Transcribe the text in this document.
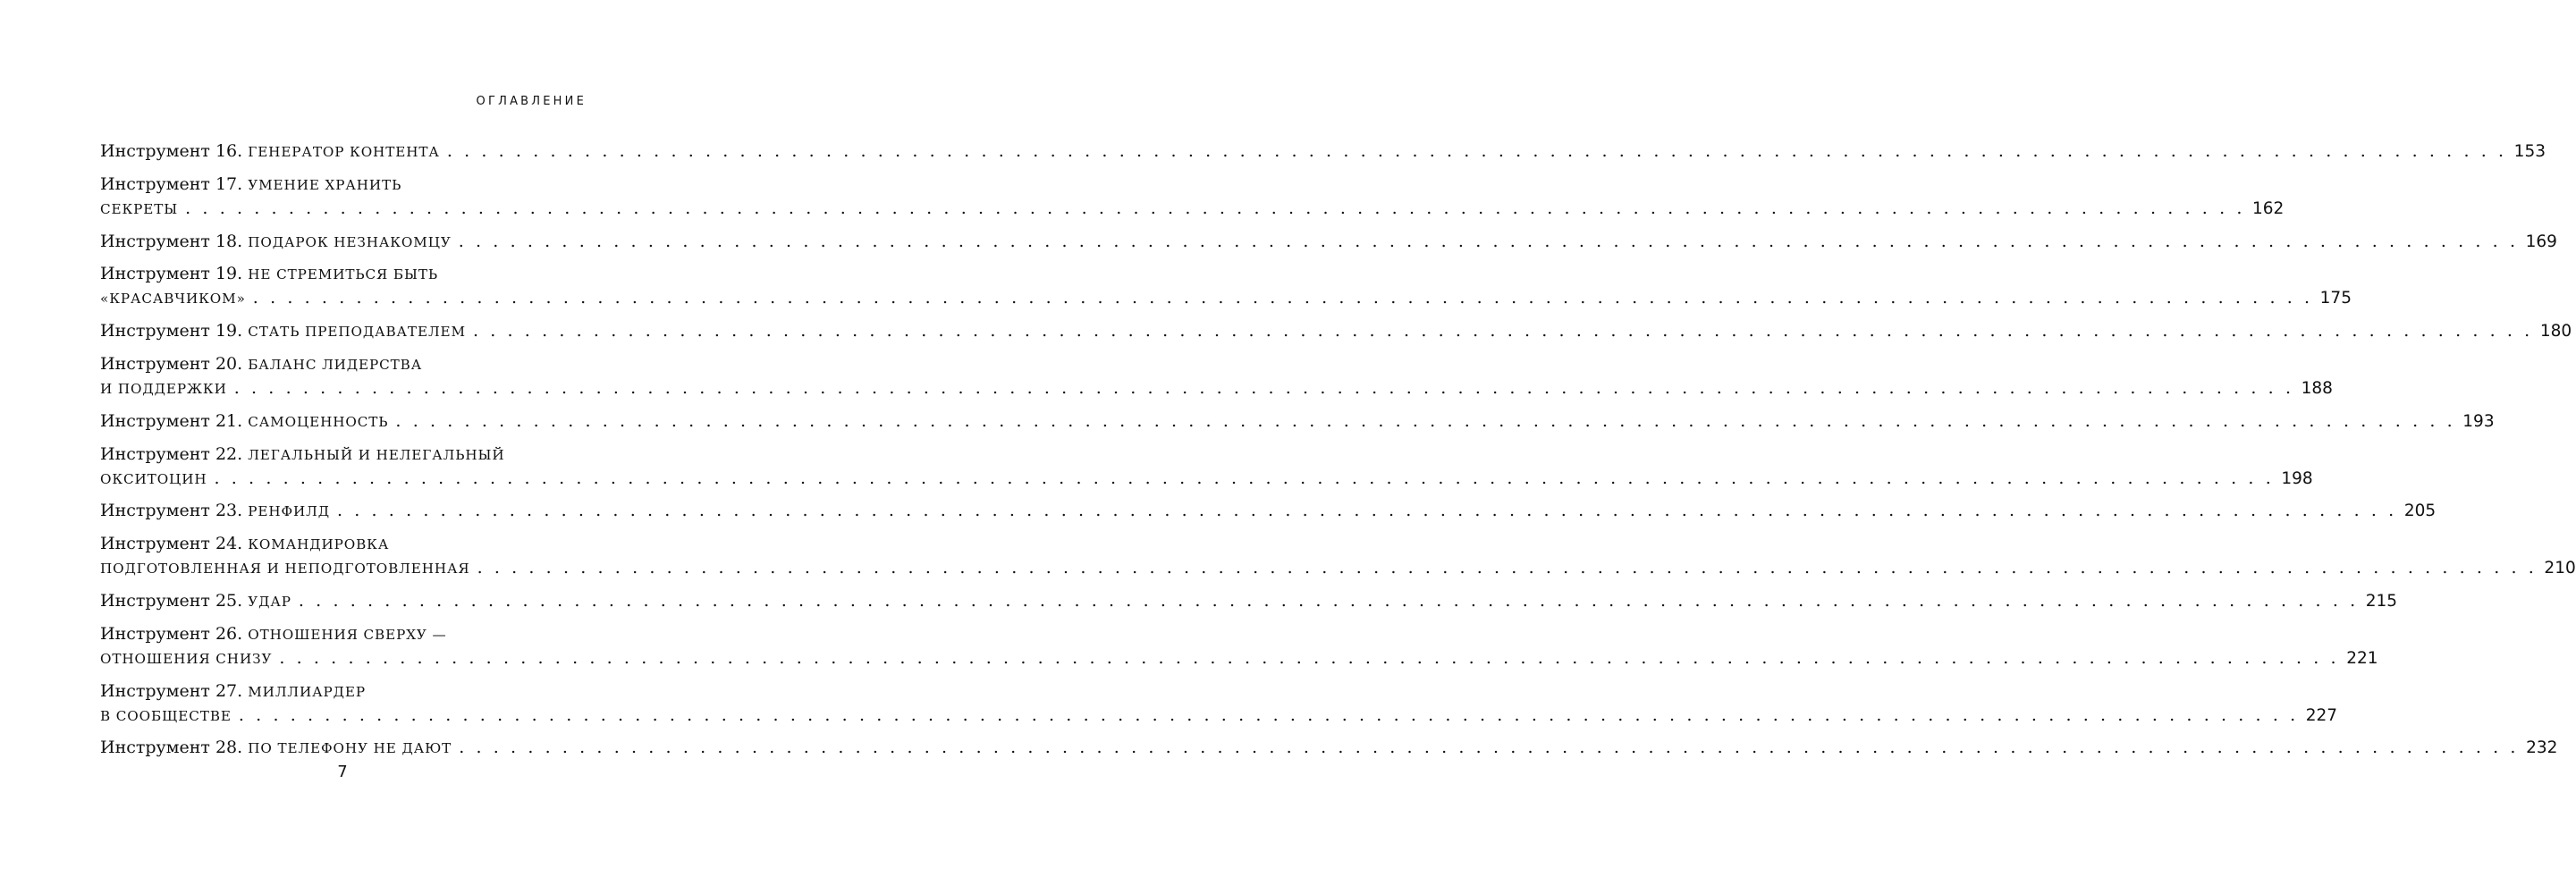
ОГЛАВЛЕНИЕ
Инструмент 16. ГЕНЕРАТОР КОНТЕНТА . . . . . . . . . . . . . . . . . . . . . . . . . . . . . . . . . . . . . . . . . . . . . . . . . . . . . . . . . . . . . . . . . . . . . . . . . . . . . . . . . . . . . . . . . . . . . . . . . . . . . . . . . . . . . . . . . . . . . . . . 153
Инструмент 17. УМЕНИЕ ХРАНИТЬ
СЕКРЕТЫ . . . . . . . . . . . . . . . . . . . . . . . . . . . . . . . . . . . . . . . . . . . . . . . . . . . . . . . . . . . . . . . . . . . . . . . . . . . . . . . . . . . . . . . . . . . . . . . . . . . . . . . . . . . . . . . . . . . . . . . . 162
Инструмент 18. ПОДАРОК НЕЗНАКОМЦУ . . . . . . . . . . . . . . . . . . . . . . . . . . . . . . . . . . . . . . . . . . . . . . . . . . . . . . . . . . . . . . . . . . . . . . . . . . . . . . . . . . . . . . . . . . . . . . . . . . . . . . . . . . . . . . . . . . . . . . . . 169
Инструмент 19. НЕ СТРЕМИТЬСЯ БЫТЬ
«КРАСАВЧИКОМ» . . . . . . . . . . . . . . . . . . . . . . . . . . . . . . . . . . . . . . . . . . . . . . . . . . . . . . . . . . . . . . . . . . . . . . . . . . . . . . . . . . . . . . . . . . . . . . . . . . . . . . . . . . . . . . . . . . . . . . . . 175
Инструмент 19. СТАТЬ ПРЕПОДАВАТЕЛЕМ . . . . . . . . . . . . . . . . . . . . . . . . . . . . . . . . . . . . . . . . . . . . . . . . . . . . . . . . . . . . . . . . . . . . . . . . . . . . . . . . . . . . . . . . . . . . . . . . . . . . . . . . . . . . . . . . . . . . . . . . 180
Инструмент 20. БАЛАНС ЛИДЕРСТВА
И ПОДДЕРЖКИ . . . . . . . . . . . . . . . . . . . . . . . . . . . . . . . . . . . . . . . . . . . . . . . . . . . . . . . . . . . . . . . . . . . . . . . . . . . . . . . . . . . . . . . . . . . . . . . . . . . . . . . . . . . . . . . . . . . . . . . . 188
Инструмент 21. САМОЦЕННОСТЬ . . . . . . . . . . . . . . . . . . . . . . . . . . . . . . . . . . . . . . . . . . . . . . . . . . . . . . . . . . . . . . . . . . . . . . . . . . . . . . . . . . . . . . . . . . . . . . . . . . . . . . . . . . . . . . . . . . . . . . . . 193
Инструмент 22. ЛЕГАЛЬНЫЙ И НЕЛЕГАЛЬНЫЙ
ОКСИТОЦИН . . . . . . . . . . . . . . . . . . . . . . . . . . . . . . . . . . . . . . . . . . . . . . . . . . . . . . . . . . . . . . . . . . . . . . . . . . . . . . . . . . . . . . . . . . . . . . . . . . . . . . . . . . . . . . . . . . . . . . . . 198
Инструмент 23. РЕНФИЛД . . . . . . . . . . . . . . . . . . . . . . . . . . . . . . . . . . . . . . . . . . . . . . . . . . . . . . . . . . . . . . . . . . . . . . . . . . . . . . . . . . . . . . . . . . . . . . . . . . . . . . . . . . . . . . . . . . . . . . . . 205
Инструмент 24. КОМАНДИРОВКА
ПОДГОТОВЛЕННАЯ И НЕПОДГОТОВЛЕННАЯ . . . . . . . . . . . . . . . . . . . . . . . . . . . . . . . . . . . . . . . . . . . . . . . . . . . . . . . . . . . . . . . . . . . . . . . . . . . . . . . . . . . . . . . . . . . . . . . . . . . . . . . . . . . . . . . . . . . . . . . . 210
Инструмент 25. УДАР . . . . . . . . . . . . . . . . . . . . . . . . . . . . . . . . . . . . . . . . . . . . . . . . . . . . . . . . . . . . . . . . . . . . . . . . . . . . . . . . . . . . . . . . . . . . . . . . . . . . . . . . . . . . . . . . . . . . . . . . 215
Инструмент 26. ОТНОШЕНИЯ СВЕРХУ —
ОТНОШЕНИЯ СНИЗУ . . . . . . . . . . . . . . . . . . . . . . . . . . . . . . . . . . . . . . . . . . . . . . . . . . . . . . . . . . . . . . . . . . . . . . . . . . . . . . . . . . . . . . . . . . . . . . . . . . . . . . . . . . . . . . . . . . . . . . . . 221
Инструмент 27. МИЛЛИАРДЕР
В СООБЩЕСТВЕ . . . . . . . . . . . . . . . . . . . . . . . . . . . . . . . . . . . . . . . . . . . . . . . . . . . . . . . . . . . . . . . . . . . . . . . . . . . . . . . . . . . . . . . . . . . . . . . . . . . . . . . . . . . . . . . . . . . . . . . . 227
Инструмент 28. ПО ТЕЛЕФОНУ НЕ ДАЮТ . . . . . . . . . . . . . . . . . . . . . . . . . . . . . . . . . . . . . . . . . . . . . . . . . . . . . . . . . . . . . . . . . . . . . . . . . . . . . . . . . . . . . . . . . . . . . . . . . . . . . . . . . . . . . . . . . . . . . . . . 232
7
